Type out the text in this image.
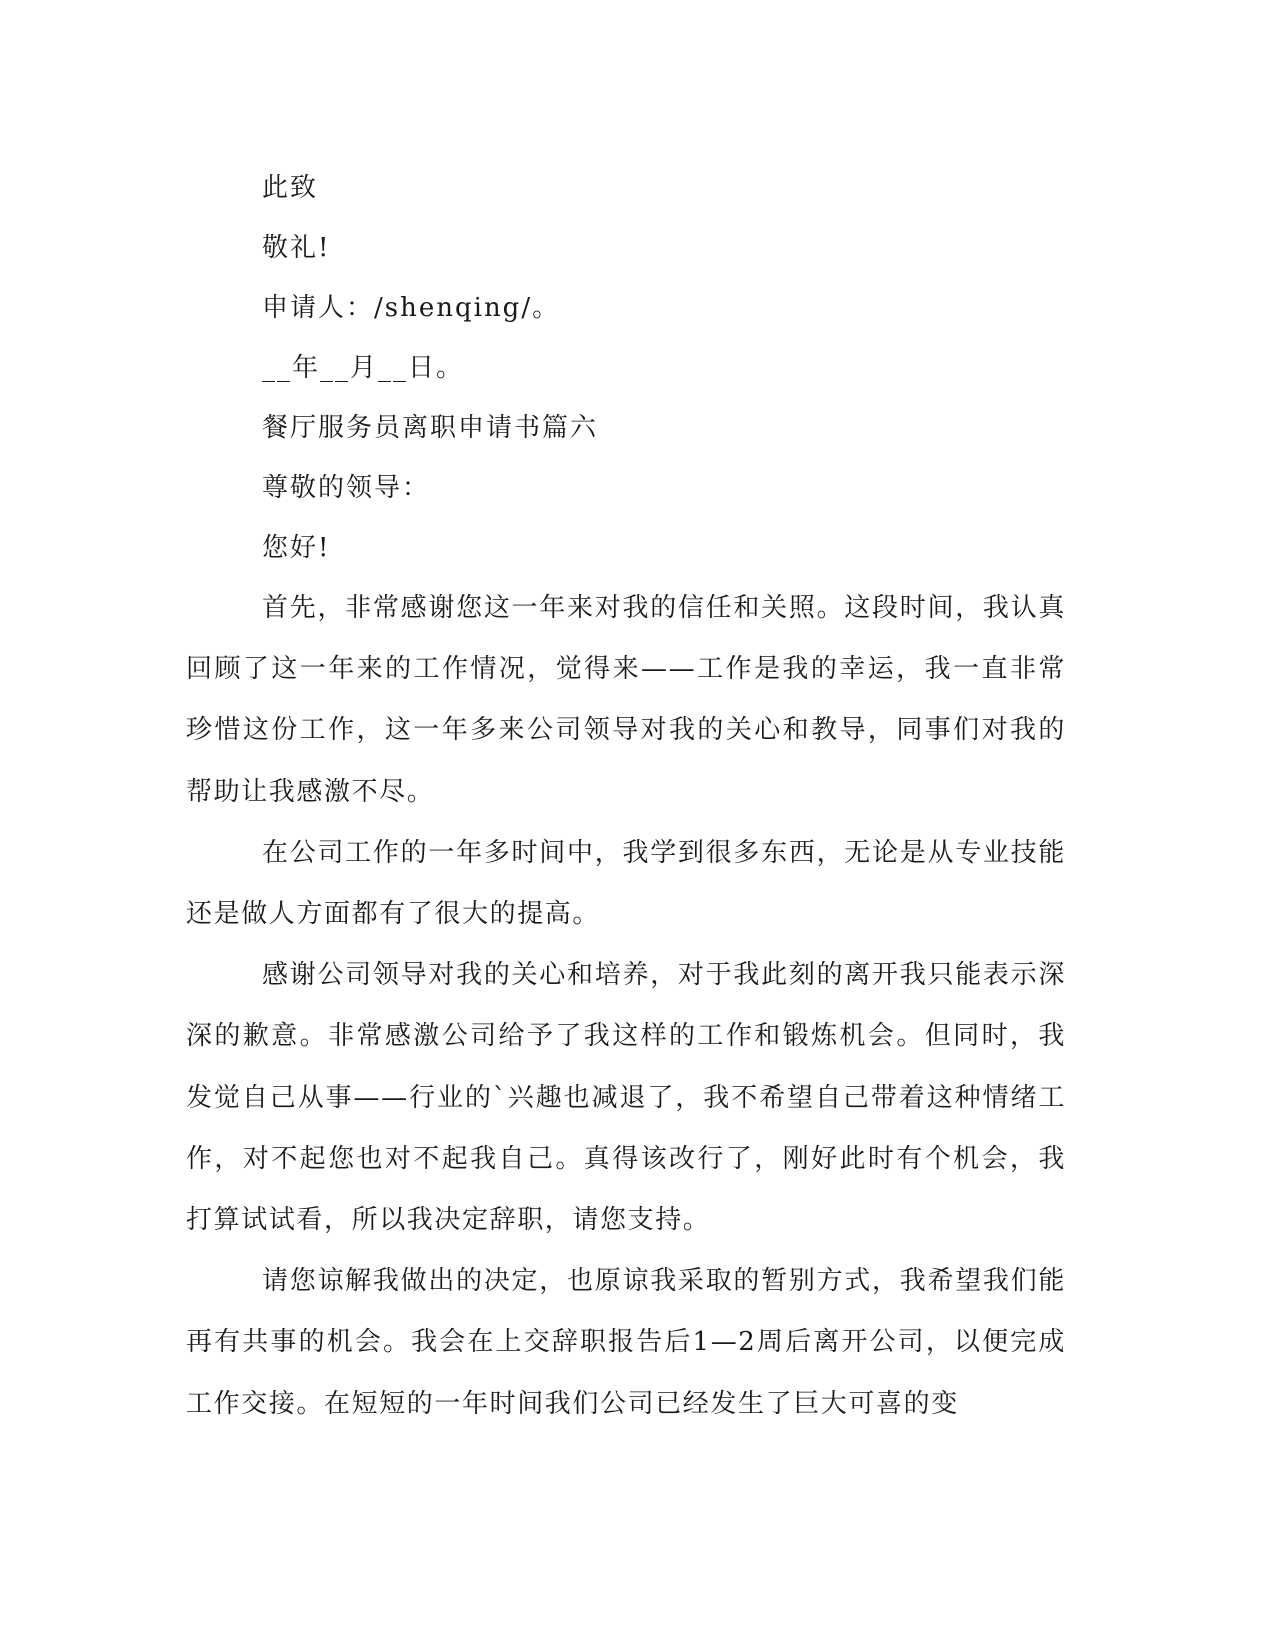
此致
敬礼!
申请人：/shenqing/。
__年__月__日。
餐厅服务员离职申请书篇六
尊敬的领导：
您好!

首先，非常感谢您这一年来对我的信任和关照。这段时间，我认真回顾了这一年来的工作情况，觉得来——工作是我的幸运，我一直非常珍惜这份工作，这一年多来公司领导对我的关心和教导，同事们对我的帮助让我感激不尽。

在公司工作的一年多时间中，我学到很多东西，无论是从专业技能还是做人方面都有了很大的提高。

感谢公司领导对我的关心和培养，对于我此刻的离开我只能表示深深的歉意。非常感激公司给予了我这样的工作和锻炼机会。但同时，我发觉自己从事——行业的`兴趣也减退了，我不希望自己带着这种情绪工作，对不起您也对不起我自己。真得该改行了，刚好此时有个机会，我打算试试看，所以我决定辞职，请您支持。

请您谅解我做出的决定，也原谅我采取的暂别方式，我希望我们能再有共事的机会。我会在上交辞职报告后1—2周后离开公司，以便完成工作交接。在短短的一年时间我们公司已经发生了巨大可喜的变
